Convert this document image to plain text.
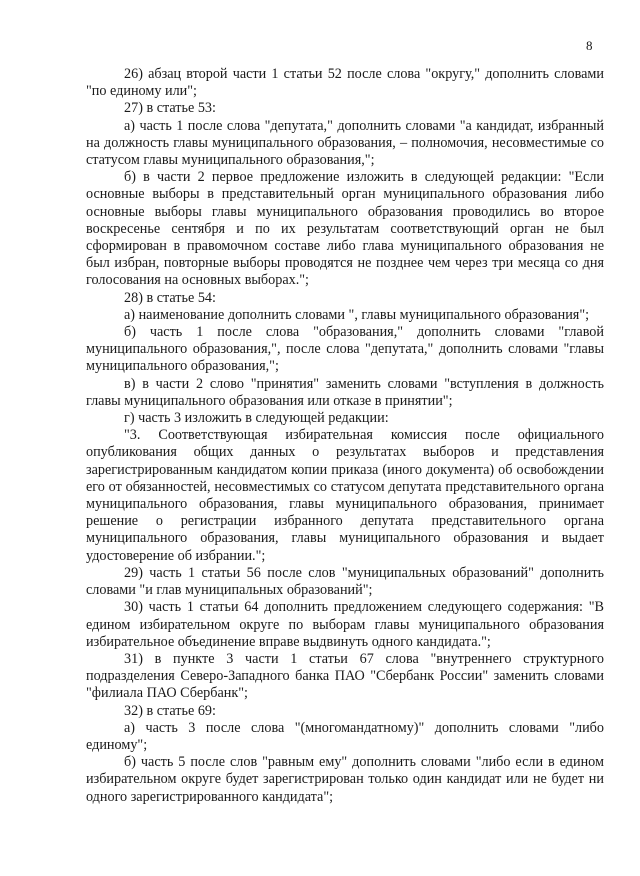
8

26) абзац второй части 1 статьи 52 после слова "округу," дополнить словами "по единому или";

27) в статье 53:

а) часть 1 после слова "депутата," дополнить словами "а кандидат, избранный на должность главы муниципального образования, – полномочия, несовместимые со статусом главы муниципального образования,";

б) в части 2 первое предложение изложить в следующей редакции: "Если основные выборы в представительный орган муниципального образования либо основные выборы главы муниципального образования проводились во второе воскресенье сентября и по их результатам соответствующий орган не был сформирован в правомочном составе либо глава муниципального образования не был избран, повторные выборы проводятся не позднее чем через три месяца со дня голосования на основных выборах.";

28) в статье 54:

а) наименование дополнить словами ", главы муниципального образования";

б) часть 1 после слова "образования," дополнить словами "главой муниципального образования,", после слова "депутата," дополнить словами "главы муниципального образования,";

в) в части 2 слово "принятия" заменить словами "вступления в должность главы муниципального образования или отказе в принятии";

г) часть 3 изложить в следующей редакции:

"3. Соответствующая избирательная комиссия после официального опубликования общих данных о результатах выборов и представления зарегистрированным кандидатом копии приказа (иного документа) об освобождении его от обязанностей, несовместимых со статусом депутата представительного органа муниципального образования, главы муниципального образования, принимает решение о регистрации избранного депутата представительного органа муниципального образования, главы муниципального образования и выдает удостоверение об избрании.";

29) часть 1 статьи 56 после слов "муниципальных образований" дополнить словами "и глав муниципальных образований";

30) часть 1 статьи 64 дополнить предложением следующего содержания: "В едином избирательном округе по выборам главы муниципального образования избирательное объединение вправе выдвинуть одного кандидата.";

31) в пункте 3 части 1 статьи 67 слова "внутреннего структурного подразделения Северо-Западного банка ПАО "Сбербанк России" заменить словами "филиала ПАО Сбербанк";

32) в статье 69:

а) часть 3 после слова "(многомандатному)" дополнить словами "либо единому";

б) часть 5 после слов "равным ему" дополнить словами "либо если в едином избирательном округе будет зарегистрирован только один кандидат или не будет ни одного зарегистрированного кандидата";
